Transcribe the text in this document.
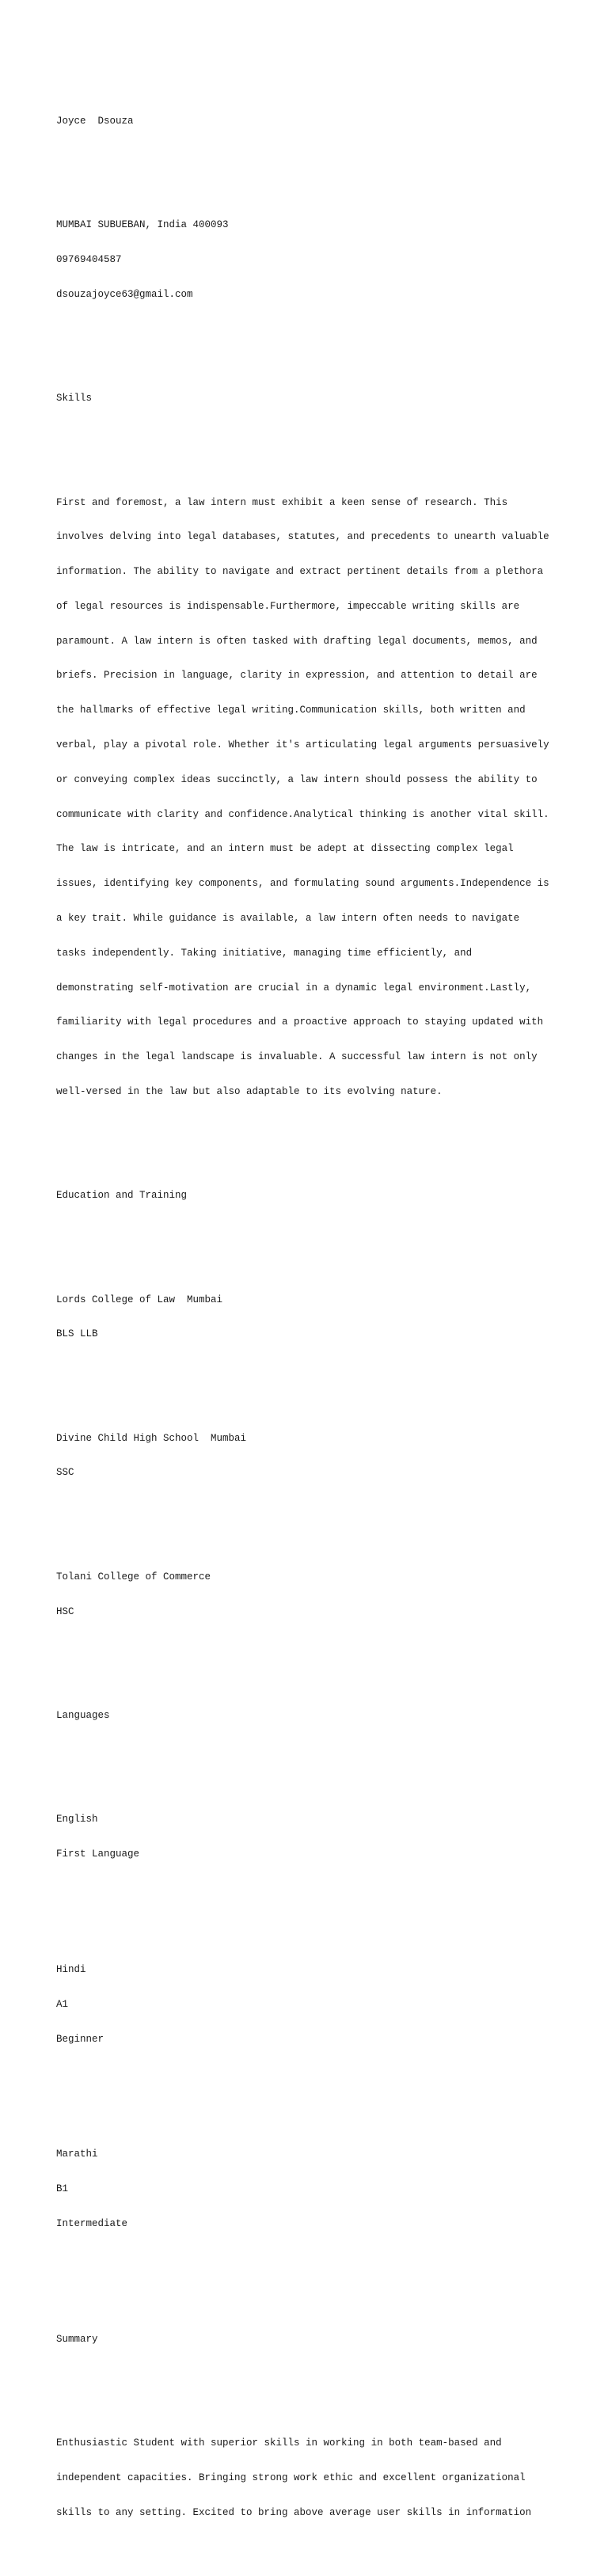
Joyce  Dsouza

MUMBAI SUBUEBAN, India 400093

09769404587

dsouzajoyce63@gmail.com

Skills

First and foremost, a law intern must exhibit a keen sense of research. This

involves delving into legal databases, statutes, and precedents to unearth valuable

information. The ability to navigate and extract pertinent details from a plethora

of legal resources is indispensable.Furthermore, impeccable writing skills are

paramount. A law intern is often tasked with drafting legal documents, memos, and

briefs. Precision in language, clarity in expression, and attention to detail are

the hallmarks of effective legal writing.Communication skills, both written and

verbal, play a pivotal role. Whether it's articulating legal arguments persuasively

or conveying complex ideas succinctly, a law intern should possess the ability to

communicate with clarity and confidence.Analytical thinking is another vital skill.

The law is intricate, and an intern must be adept at dissecting complex legal

issues, identifying key components, and formulating sound arguments.Independence is

a key trait. While guidance is available, a law intern often needs to navigate

tasks independently. Taking initiative, managing time efficiently, and

demonstrating self-motivation are crucial in a dynamic legal environment.Lastly,

familiarity with legal procedures and a proactive approach to staying updated with

changes in the legal landscape is invaluable. A successful law intern is not only

well-versed in the law but also adaptable to its evolving nature.

Education and Training

Lords College of Law  Mumbai

BLS LLB

Divine Child High School  Mumbai

SSC

Tolani College of Commerce

HSC

Languages

English

First Language

Hindi

A1

Beginner

Marathi

B1

Intermediate

Summary

Enthusiastic Student with superior skills in working in both team-based and

independent capacities. Bringing strong work ethic and excellent organizational

skills to any setting. Excited to bring above average user skills in information
